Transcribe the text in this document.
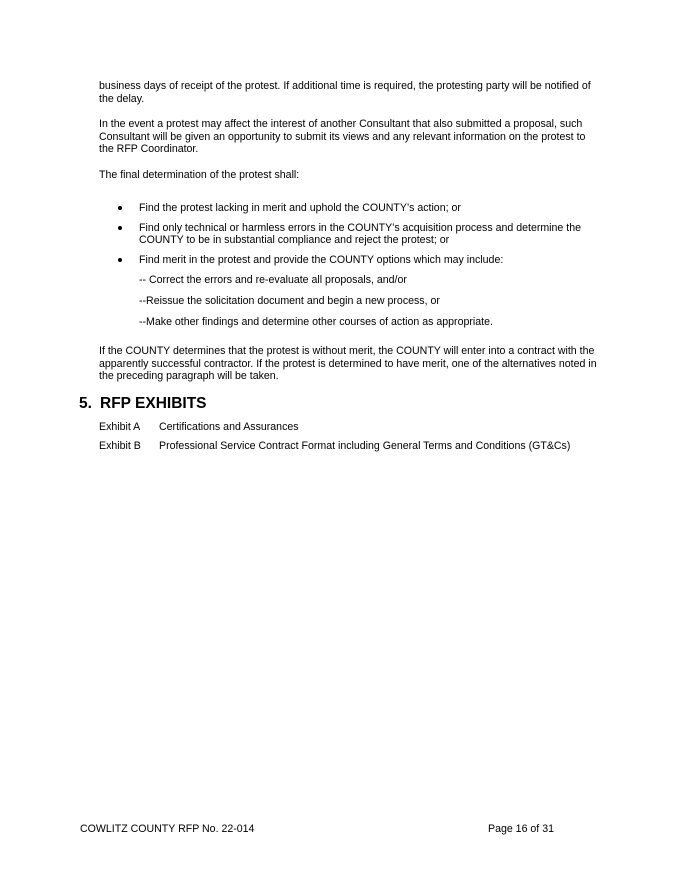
business days of receipt of the protest. If additional time is required, the protesting party will be notified of the delay.

In the event a protest may affect the interest of another Consultant that also submitted a proposal, such Consultant will be given an opportunity to submit its views and any relevant information on the protest to the RFP Coordinator.

The final determination of the protest shall:

Find the protest lacking in merit and uphold the COUNTY’s action; or
Find only technical or harmless errors in the COUNTY’s acquisition process and determine the COUNTY to be in substantial compliance and reject the protest; or
Find merit in the protest and provide the COUNTY options which may include:
-- Correct the errors and re-evaluate all proposals, and/or
--Reissue the solicitation document and begin a new process, or
--Make other findings and determine other courses of action as appropriate.

If the COUNTY determines that the protest is without merit, the COUNTY will enter into a contract with the apparently successful contractor. If the protest is determined to have merit, one of the alternatives noted in the preceding paragraph will be taken.

5. RFP EXHIBITS
Exhibit A Certifications and Assurances
Exhibit B Professional Service Contract Format including General Terms and Conditions (GT&Cs)
COWLITZ COUNTY RFP No. 22-014	Page 16 of 31
